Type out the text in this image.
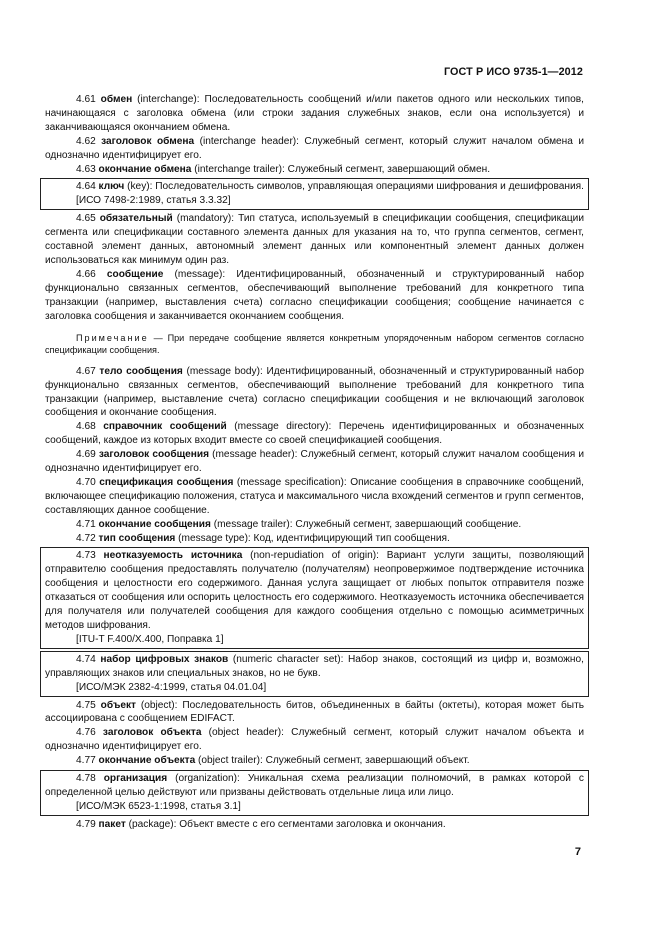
ГОСТ Р ИСО 9735-1—2012

4.61 обмен (interchange): Последовательность сообщений и/или пакетов одного или нескольких типов, начинающаяся с заголовка обмена (или строки задания служебных знаков, если она используется) и заканчивающаяся окончанием обмена.

4.62 заголовок обмена (interchange header): Служебный сегмент, который служит началом обмена и однозначно идентифицирует его.

4.63 окончание обмена (interchange trailer): Служебный сегмент, завершающий обмен.

4.64 ключ (key): Последовательность символов, управляющая операциями шифрования и дешифрования.

[ИСО 7498-2:1989, статья 3.3.32]

4.65 обязательный (mandatory): Тип статуса, используемый в спецификации сообщения, спецификации сегмента или спецификации составного элемента данных для указания на то, что группа сегментов, сегмент, составной элемент данных, автономный элемент данных или компонентный элемент данных должен использоваться как минимум один раз.

4.66 сообщение (message): Идентифицированный, обозначенный и структурированный набор функционально связанных сегментов, обеспечивающий выполнение требований для конкретного типа транзакции (например, выставления счета) согласно спецификации сообщения; сообщение начинается с заголовка сообщения и заканчивается окончанием сообщения.

Примечание — При передаче сообщение является конкретным упорядоченным набором сегментов согласно спецификации сообщения.

4.67 тело сообщения (message body): Идентифицированный, обозначенный и структурированный набор функционально связанных сегментов, обеспечивающий выполнение требований для конкретного типа транзакции (например, выставление счета) согласно спецификации сообщения и не включающий заголовок сообщения и окончание сообщения.

4.68 справочник сообщений (message directory): Перечень идентифицированных и обозначенных сообщений, каждое из которых входит вместе со своей спецификацией сообщения.

4.69 заголовок сообщения (message header): Служебный сегмент, который служит началом сообщения и однозначно идентифицирует его.

4.70 спецификация сообщения (message specification): Описание сообщения в справочнике сообщений, включающее спецификацию положения, статуса и максимального числа вхождений сегментов и групп сегментов, составляющих данное сообщение.

4.71 окончание сообщения (message trailer): Служебный сегмент, завершающий сообщение.

4.72 тип сообщения (message type): Код, идентифицирующий тип сообщения.

4.73 неотказуемость источника (non-repudiation of origin): Вариант услуги защиты, позволяющий отправителю сообщения предоставлять получателю (получателям) неопровержимое подтверждение источника сообщения и целостности его содержимого. Данная услуга защищает от любых попыток отправителя позже отказаться от сообщения или оспорить целостность его содержимого. Неотказуемость источника обеспечивается для получателя или получателей сообщения для каждого сообщения отдельно с помощью асимметричных методов шифрования.

[ITU-T F.400/X.400, Поправка 1]

4.74 набор цифровых знаков (numeric character set): Набор знаков, состоящий из цифр и, возможно, управляющих знаков или специальных знаков, но не букв.

[ИСО/МЭК 2382-4:1999, статья 04.01.04]

4.75 объект (object): Последовательность битов, объединенных в байты (октеты), которая может быть ассоциирована с сообщением EDIFACT.

4.76 заголовок объекта (object header): Служебный сегмент, который служит началом объекта и однозначно идентифицирует его.

4.77 окончание объекта (object trailer): Служебный сегмент, завершающий объект.

4.78 организация (organization): Уникальная схема реализации полномочий, в рамках которой с определенной целью действуют или призваны действовать отдельные лица или лицо.

[ИСО/МЭК 6523-1:1998, статья 3.1]

4.79 пакет (package): Объект вместе с его сегментами заголовка и окончания.

7
